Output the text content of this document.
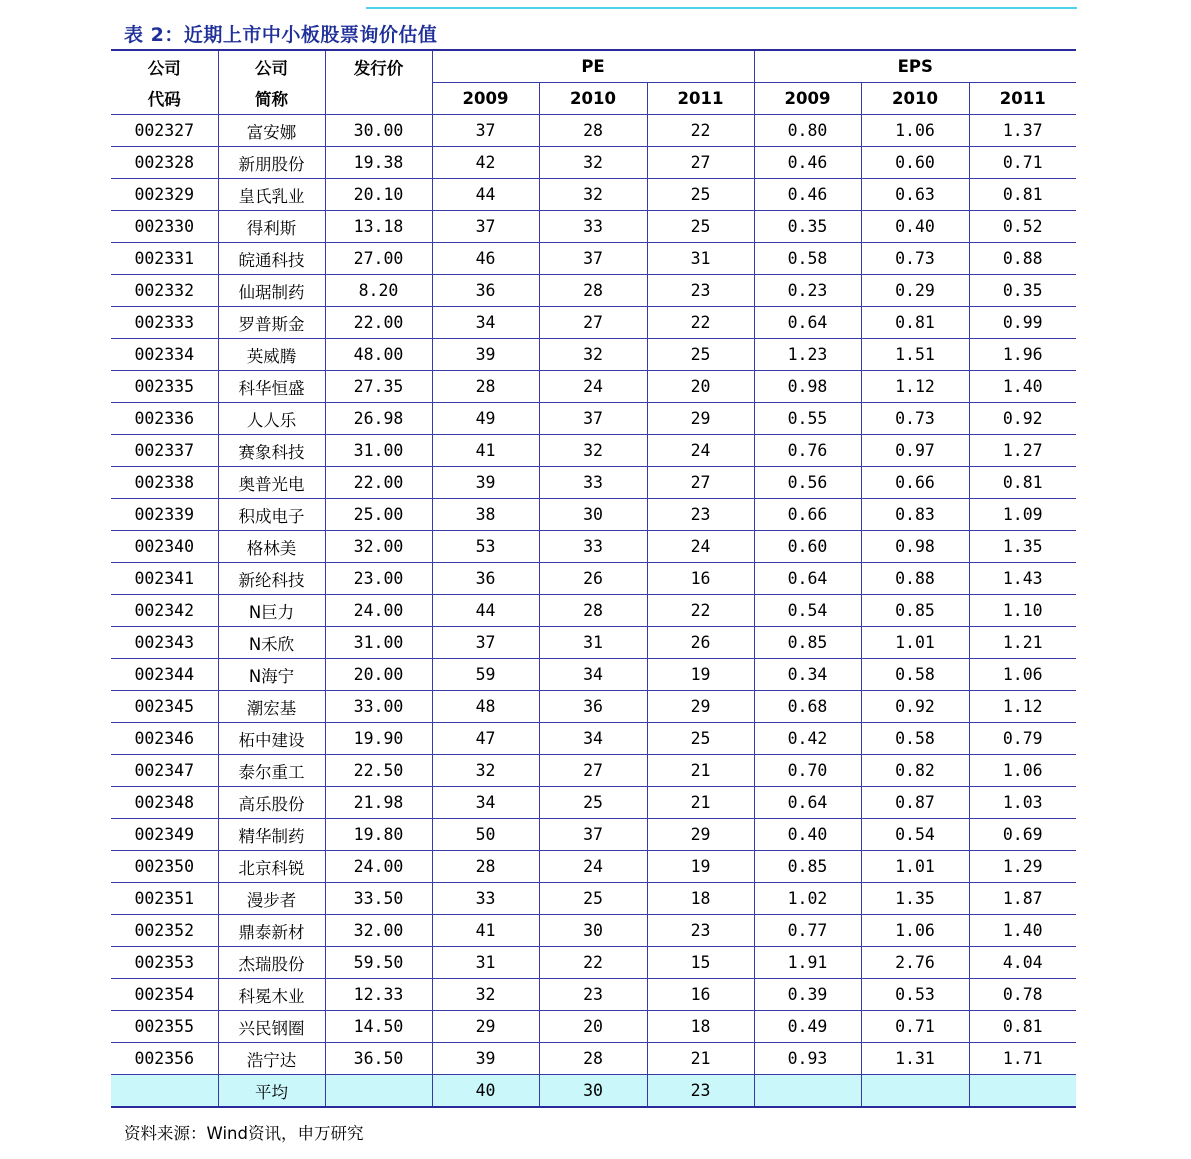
表 2：近期上市中小板股票询价估值
公司	公司	发行价	PE			EPS		
代码	简称		2009	2010	2011	2009	2010	2011
002327	富安娜	30.00	37	28	22	0.80	1.06	1.37
002328	新朋股份	19.38	42	32	27	0.46	0.60	0.71
002329	皇氏乳业	20.10	44	32	25	0.46	0.63	0.81
002330	得利斯	13.18	37	33	25	0.35	0.40	0.52
002331	皖通科技	27.00	46	37	31	0.58	0.73	0.88
002332	仙琚制药	8.20	36	28	23	0.23	0.29	0.35
002333	罗普斯金	22.00	34	27	22	0.64	0.81	0.99
002334	英威腾	48.00	39	32	25	1.23	1.51	1.96
002335	科华恒盛	27.35	28	24	20	0.98	1.12	1.40
002336	人人乐	26.98	49	37	29	0.55	0.73	0.92
002337	赛象科技	31.00	41	32	24	0.76	0.97	1.27
002338	奥普光电	22.00	39	33	27	0.56	0.66	0.81
002339	积成电子	25.00	38	30	23	0.66	0.83	1.09
002340	格林美	32.00	53	33	24	0.60	0.98	1.35
002341	新纶科技	23.00	36	26	16	0.64	0.88	1.43
002342	N巨力	24.00	44	28	22	0.54	0.85	1.10
002343	N禾欣	31.00	37	31	26	0.85	1.01	1.21
002344	N海宁	20.00	59	34	19	0.34	0.58	1.06
002345	潮宏基	33.00	48	36	29	0.68	0.92	1.12
002346	柘中建设	19.90	47	34	25	0.42	0.58	0.79
002347	泰尔重工	22.50	32	27	21	0.70	0.82	1.06
002348	高乐股份	21.98	34	25	21	0.64	0.87	1.03
002349	精华制药	19.80	50	37	29	0.40	0.54	0.69
002350	北京科锐	24.00	28	24	19	0.85	1.01	1.29
002351	漫步者	33.50	33	25	18	1.02	1.35	1.87
002352	鼎泰新材	32.00	41	30	23	0.77	1.06	1.40
002353	杰瑞股份	59.50	31	22	15	1.91	2.76	4.04
002354	科冕木业	12.33	32	23	16	0.39	0.53	0.78
002355	兴民钢圈	14.50	29	20	18	0.49	0.71	0.81
002356	浩宁达	36.50	39	28	21	0.93	1.31	1.71
	平均		40	30	23			
资料来源：Wind资讯，申万研究
